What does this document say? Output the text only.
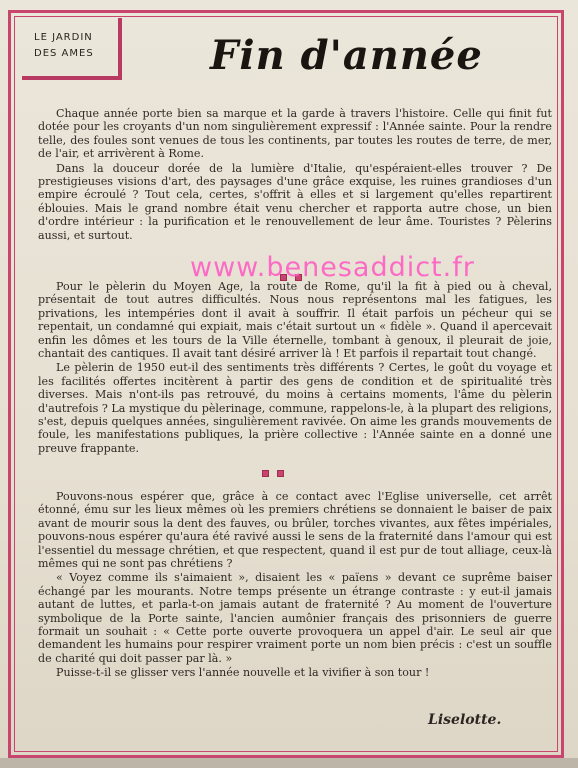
LE JARDIN
DES AMES	Fin d'année

Chaque année porte bien sa marque et la garde à travers l'histoire. Celle qui finit fut dotée pour les croyants d'un nom singulièrement expressif : l'Année sainte. Pour la rendre telle, des foules sont venues de tous les continents, par toutes les routes de terre, de mer, de l'air, et arrivèrent à Rome.

Dans la douceur dorée de la lumière d'Italie, qu'espéraient-elles trouver ? De prestigieuses visions d'art, des paysages d'une grâce exquise, les ruines grandioses d'un empire écroulé ? Tout cela, certes, s'offrit à elles et si largement qu'elles repartirent éblouies. Mais le grand nombre était venu chercher et rapporta autre chose, un bien d'ordre intérieur : la purification et le renouvellement de leur âme. Touristes ? Pèlerins aussi, et surtout.

Pour le pèlerin du Moyen Age, la route de Rome, qu'il la fit à pied ou à cheval, présentait de tout autres difficultés. Nous nous représentons mal les fatigues, les privations, les intempéries dont il avait à souffrir. Il était parfois un pécheur qui se repentait, un condamné qui expiait, mais c'était surtout un « fidèle ». Quand il apercevait enfin les dômes et les tours de la Ville éternelle, tombant à genoux, il pleurait de joie, chantait des cantiques. Il avait tant désiré arriver là ! Et parfois il repartait tout changé.

Le pèlerin de 1950 eut-il des sentiments très différents ? Certes, le goût du voyage et les facilités offertes incitèrent à partir des gens de condition et de spiritualité très diverses. Mais n'ont-ils pas retrouvé, du moins à certains moments, l'âme du pèlerin d'autrefois ? La mystique du pèlerinage, commune, rappelons-le, à la plupart des religions, s'est, depuis quelques années, singulièrement ravivée. On aime les grands mouvements de foule, les manifestations publiques, la prière collective : l'Année sainte en a donné une preuve frappante.

Pouvons-nous espérer que, grâce à ce contact avec l'Eglise universelle, cet arrêt étonné, ému sur les lieux mêmes où les premiers chrétiens se donnaient le baiser de paix avant de mourir sous la dent des fauves, ou brûler, torches vivantes, aux fêtes impériales, pouvons-nous espérer qu'aura été ravivé aussi le sens de la fraternité dans l'amour qui est l'essentiel du message chrétien, et que respectent, quand il est pur de tout alliage, ceux-là mêmes qui ne sont pas chrétiens ?

« Voyez comme ils s'aimaient », disaient les « païens » devant ce suprême baiser échangé par les mourants. Notre temps présente un étrange contraste : y eut-il jamais autant de luttes, et parla-t-on jamais autant de fraternité ? Au moment de l'ouverture symbolique de la Porte sainte, l'ancien aumônier français des prisonniers de guerre formait un souhait : « Cette porte ouverte provoquera un appel d'air. Le seul air que demandent les humains pour respirer vraiment porte un nom bien précis : c'est un souffle de charité qui doit passer par là. »

Puisse-t-il se glisser vers l'année nouvelle et la vivifier à son tour !

www.benesaddict.fr
Liselotte.
